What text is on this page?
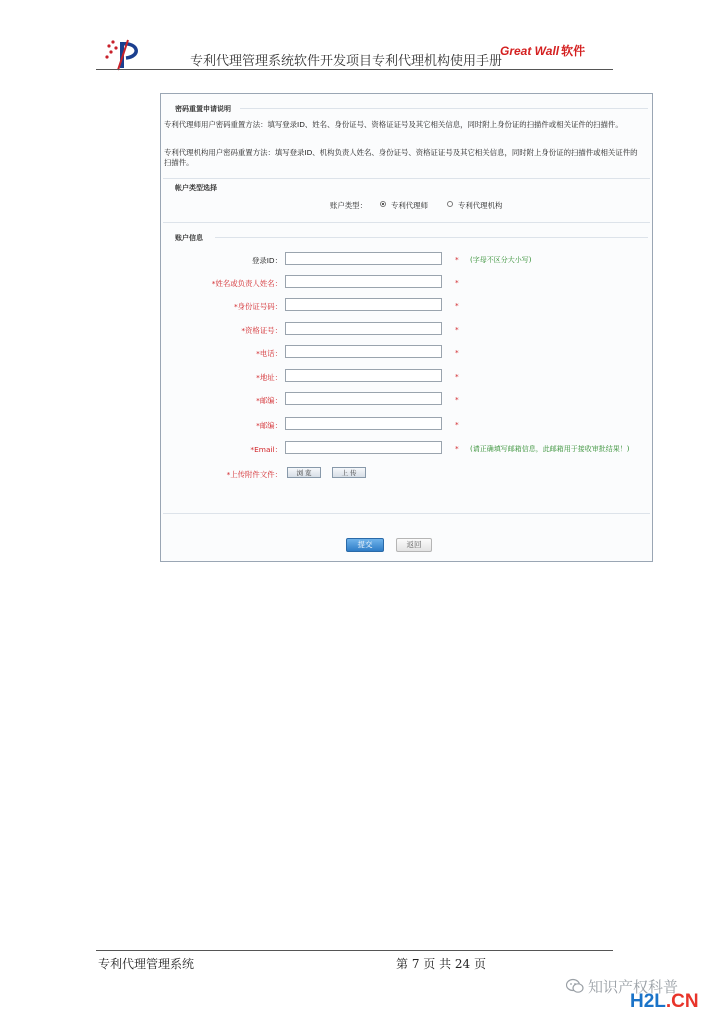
专利代理管理系统软件开发项目专利代理机构使用手册
Great Wall 软件
密码重置申请说明
专利代理师用户密码重置方法：填写登录ID、姓名、身份证号、资格证证号及其它相关信息，同时附上身份证的扫描件或相关证件的扫描件。
专利代理机构用户密码重置方法：填写登录ID、机构负责人姓名、身份证号、资格证证号及其它相关信息，同时附上身份证的扫描件或相关证件的扫描件。
帐户类型选择
账户类型：	专利代理师	专利代理机构
账户信息
登录ID：	* (字母不区分大小写)
*姓名或负责人姓名：	*
*身份证号码：	*
*资格证号：	*
*电话：	*
*地址：	*
*邮编：	*
*邮编：	*
*Email：	* (请正确填写邮箱信息，此邮箱用于接收审批结果！)
*上传附件文件：	浏 览	上 传
提交	返回
专利代理管理系统	第 7 页 共 24 页
知识产权科普
H2L.CN
